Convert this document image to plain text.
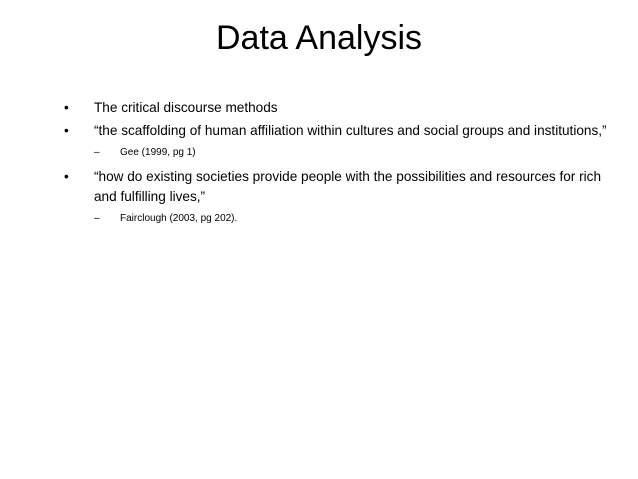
Data Analysis
•	The critical discourse methods
•	“the scaffolding of human affiliation within cultures and social groups and institutions,”
–	Gee (1999, pg 1)
•	“how do existing societies provide people with the possibilities and resources for rich and fulfilling lives,”
–	Fairclough (2003, pg 202).
